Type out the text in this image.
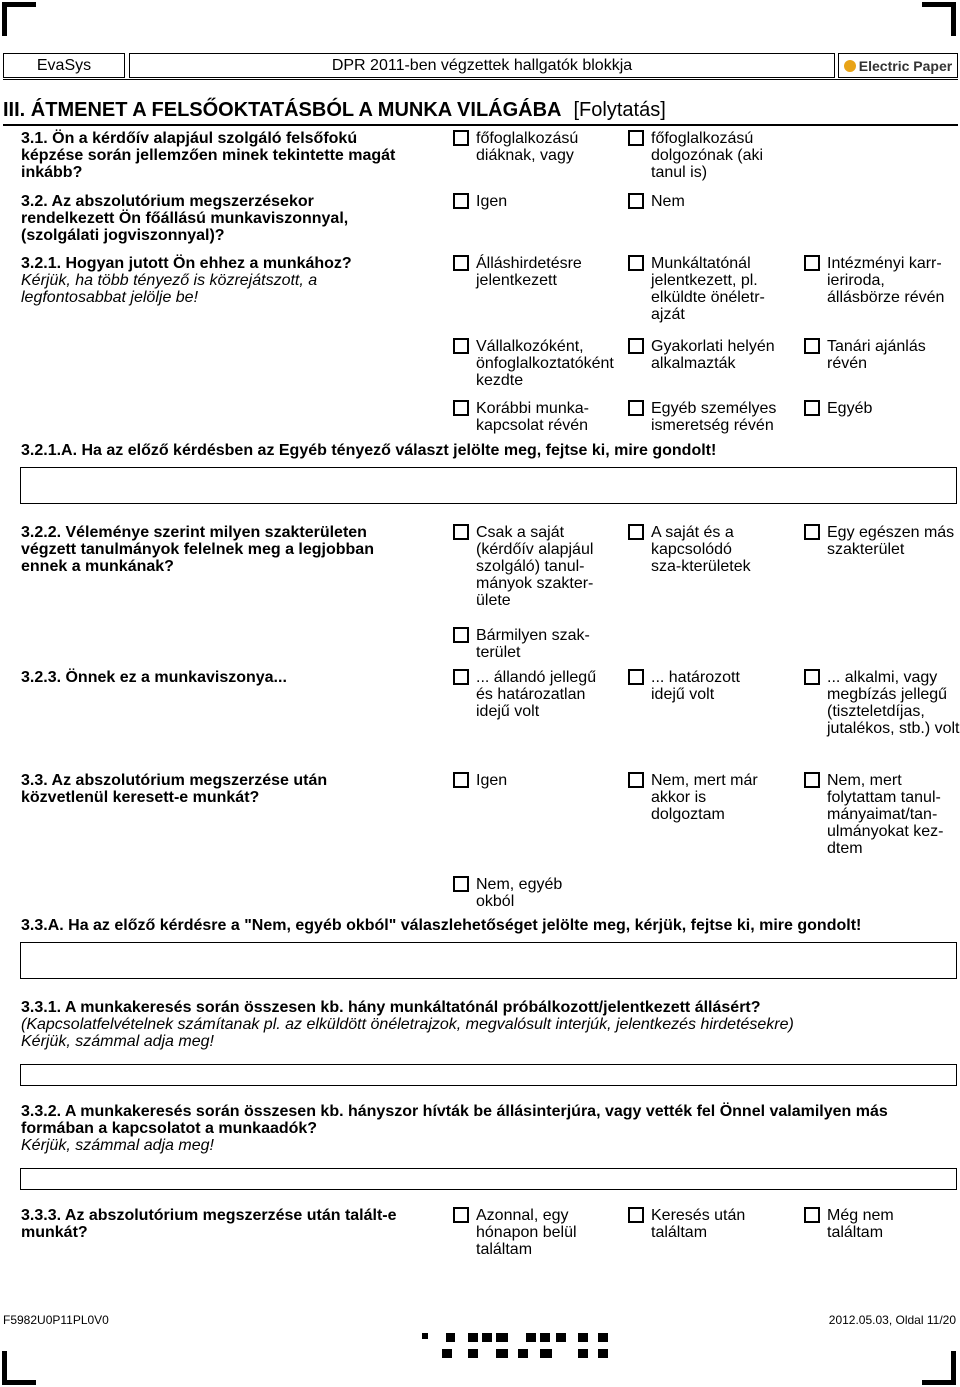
EvaSys	DPR 2011-ben végzettek hallgatók blokkja	Electric Paper
III. ÁTMENET A FELSŐOKTATÁSBÓL A MUNKA VILÁGÁBA [Folytatás]
3.1. Ön a kérdőív alapjául szolgáló felsőfokú képzése során jellemzően minek tekintette magát inkább?
főfoglalkozású diáknak, vagy
főfoglalkozású dolgozónak (aki tanul is)
3.2. Az abszolutórium megszerzésekor rendelkezett Ön főállású munkaviszonnyal, (szolgálati jogviszonnyal)?
Igen	Nem
3.2.1. Hogyan jutott Ön ehhez a munkához?
Kérjük, ha több tényező is közrejátszott, a legfontosabbat jelölje be!
Álláshirdetésre jelentkezett
Munkáltatónál jelentkezett, pl. elküldte önéletr-ajzát
Intézményi karr-ieriroda, állásbörze révén
Vállalkozóként, önfoglalkoztatóként kezdte
Gyakorlati helyén alkalmazták
Tanári ajánlás révén
Korábbi munka-kapcsolat révén
Egyéb személyes ismeretség révén
Egyéb
3.2.1.A. Ha az előző kérdésben az Egyéb tényező választ jelölte meg, fejtse ki, mire gondolt!
3.2.2. Véleménye szerint milyen szakterületen végzett tanulmányok felelnek meg a legjobban ennek a munkának?
Csak a saját (kérdőív alapjául szolgáló) tanul-mányok szakter-ülete
A saját és a kapcsolódó sza-kterületek
Egy egészen más szakterület
Bármilyen szak-terület
3.2.3. Önnek ez a munkaviszonya...	... állandó jellegű és határozatlan idejű volt
... határozott idejű volt
... alkalmi, vagy megbízás jellegű (tiszteletdíjas, jutalékos, stb.) volt
3.3. Az abszolutórium megszerzése után közvetlenül keresett-e munkát?
Igen	Nem, mert már akkor is dolgoztam
Nem, mert folytattam tanul-mányaimat/tan-ulmányokat kez-dtem
Nem, egyéb okból
3.3.A. Ha az előző kérdésre a "Nem, egyéb okból" válaszlehetőséget jelölte meg, kérjük, fejtse ki, mire gondolt!
3.3.1. A munkakeresés során összesen kb. hány munkáltatónál próbálkozott/jelentkezett állásért?
(Kapcsolatfelvételnek számítanak pl. az elküldött önéletrajzok, megvalósult interjúk, jelentkezés hirdetésekre)
Kérjük, számmal adja meg!
3.3.2. A munkakeresés során összesen kb. hányszor hívták be állásinterjúra, vagy vették fel Önnel valamilyen más formában a kapcsolatot a munkaadók?
Kérjük, számmal adja meg!
3.3.3. Az abszolutórium megszerzése után talált-e munkát?
Azonnal, egy hónapon belül találtam
Keresés után találtam
Még nem találtam
F5982U0P11PL0V0	2012.05.03, Oldal 11/20
